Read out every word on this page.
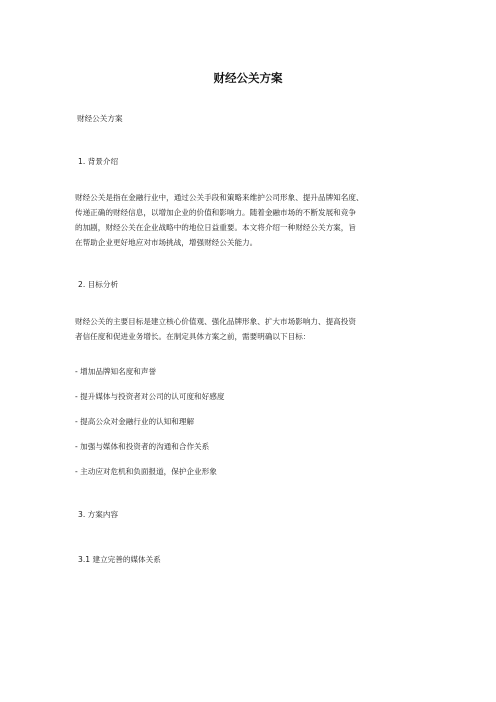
财经公关方案
财经公关方案
1. 背景介绍
财经公关是指在金融行业中，通过公关手段和策略来维护公司形象、提升品牌知名度、
传递正确的财经信息，以增加企业的价值和影响力。随着金融市场的不断发展和竞争
的加剧，财经公关在企业战略中的地位日益重要。本文将介绍一种财经公关方案，旨
在帮助企业更好地应对市场挑战，增强财经公关能力。
2. 目标分析
财经公关的主要目标是建立核心价值观、强化品牌形象、扩大市场影响力、提高投资
者信任度和促进业务增长。在制定具体方案之前，需要明确以下目标：
- 增加品牌知名度和声誉
- 提升媒体与投资者对公司的认可度和好感度
- 提高公众对金融行业的认知和理解
- 加强与媒体和投资者的沟通和合作关系
- 主动应对危机和负面报道，保护企业形象
3. 方案内容
3.1 建立完善的媒体关系
